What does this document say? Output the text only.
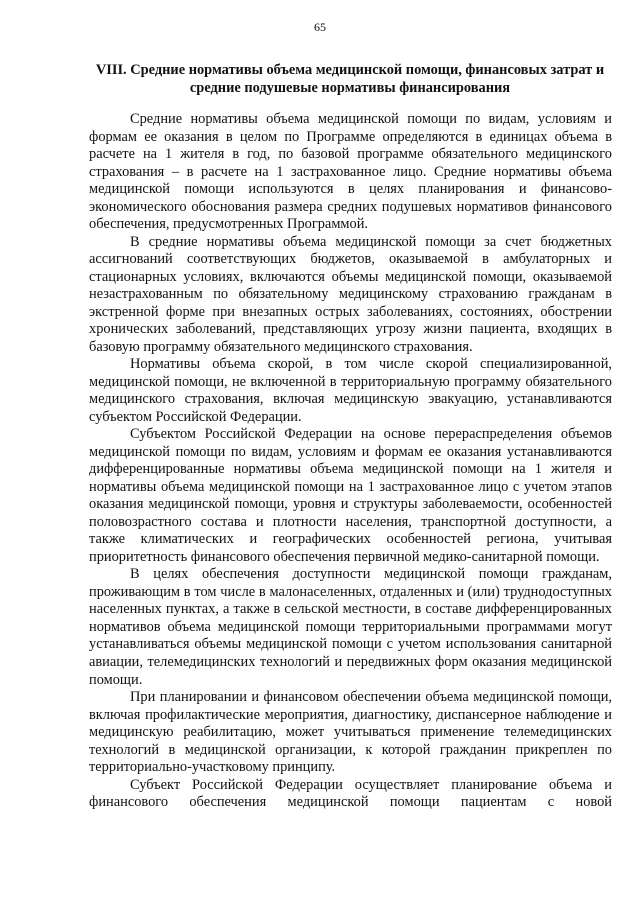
65
VIII. Средние нормативы объема медицинской помощи, финансовых затрат и средние подушевые нормативы финансирования

Средние нормативы объема медицинской помощи по видам, условиям и формам ее оказания в целом по Программе определяются в единицах объема в расчете на 1 жителя в год, по базовой программе обязательного медицинского страхования – в расчете на 1 застрахованное лицо. Средние нормативы объема медицинской помощи используются в целях планирования и финансово-экономического обоснования размера средних подушевых нормативов финансового обеспечения, предусмотренных Программой.

В средние нормативы объема медицинской помощи за счет бюджетных ассигнований соответствующих бюджетов, оказываемой в амбулаторных и стационарных условиях, включаются объемы медицинской помощи, оказываемой незастрахованным по обязательному медицинскому страхованию гражданам в экстренной форме при внезапных острых заболеваниях, состояниях, обострении хронических заболеваний, представляющих угрозу жизни пациента, входящих в базовую программу обязательного медицинского страхования.

Нормативы объема скорой, в том числе скорой специализированной, медицинской помощи, не включенной в территориальную программу обязательного медицинского страхования, включая медицинскую эвакуацию, устанавливаются субъектом Российской Федерации.

Субъектом Российской Федерации на основе перераспределения объемов медицинской помощи по видам, условиям и формам ее оказания устанавливаются дифференцированные нормативы объема медицинской помощи на 1 жителя и нормативы объема медицинской помощи на 1 застрахованное лицо с учетом этапов оказания медицинской помощи, уровня и структуры заболеваемости, особенностей половозрастного состава и плотности населения, транспортной доступности, а также климатических и географических особенностей региона, учитывая приоритетность финансового обеспечения первичной медико-санитарной помощи.

В целях обеспечения доступности медицинской помощи гражданам, проживающим в том числе в малонаселенных, отдаленных и (или) труднодоступных населенных пунктах, а также в сельской местности, в составе дифференцированных нормативов объема медицинской помощи территориальными программами могут устанавливаться объемы медицинской помощи с учетом использования санитарной авиации, телемедицинских технологий и передвижных форм оказания медицинской помощи.

При планировании и финансовом обеспечении объема медицинской помощи, включая профилактические мероприятия, диагностику, диспансерное наблюдение и медицинскую реабилитацию, может учитываться применение телемедицинских технологий в медицинской организации, к которой гражданин прикреплен по территориально-участковому принципу.

Субъект Российской Федерации осуществляет планирование объема и финансового обеспечения медицинской помощи пациентам с новой
